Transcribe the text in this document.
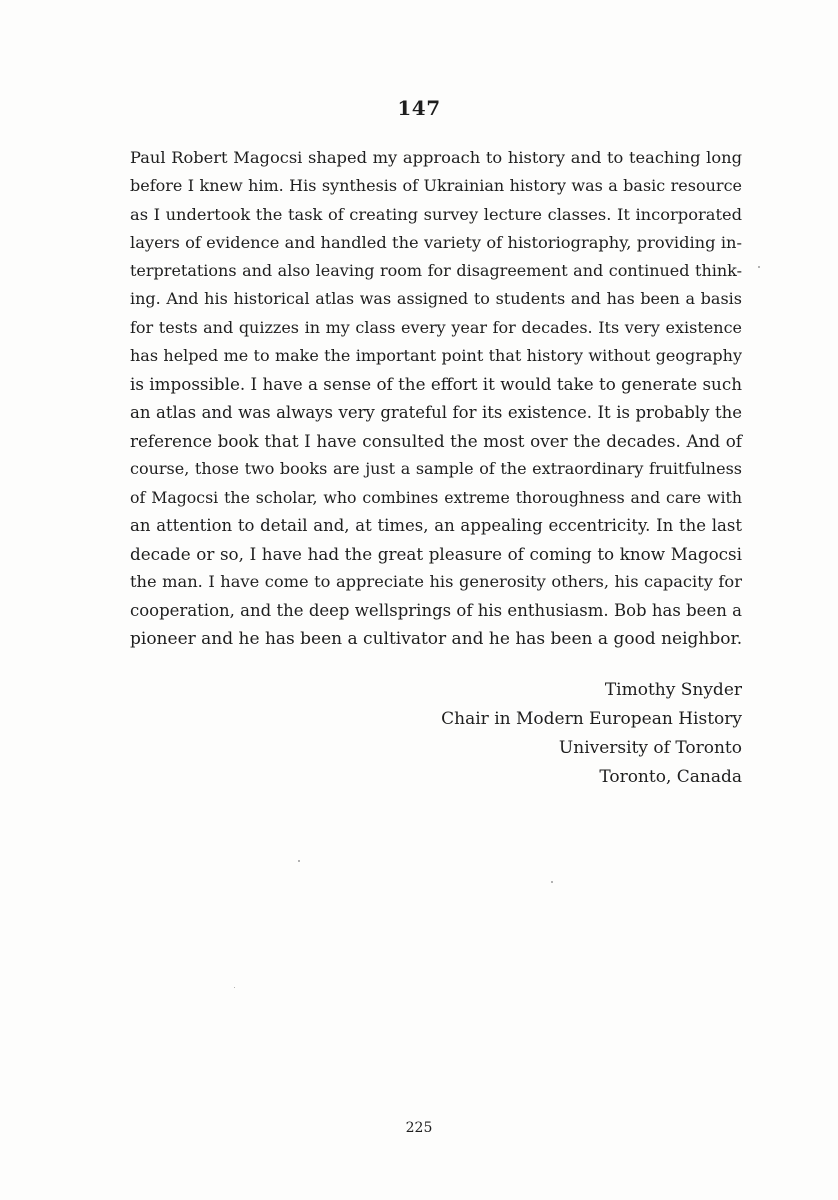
147
Paul Robert Magocsi shaped my approach to history and to teaching long
before I knew him. His synthesis of Ukrainian history was a basic resource
as I undertook the task of creating survey lecture classes. It incorporated
layers of evidence and handled the variety of historiography, providing in-
terpretations and also leaving room for disagreement and continued think-
ing. And his historical atlas was assigned to students and has been a basis
for tests and quizzes in my class every year for decades. Its very existence
has helped me to make the important point that history without geography
is impossible. I have a sense of the effort it would take to generate such
an atlas and was always very grateful for its existence. It is probably the
reference book that I have consulted the most over the decades. And of
course, those two books are just a sample of the extraordinary fruitfulness
of Magocsi the scholar, who combines extreme thoroughness and care with
an attention to detail and, at times, an appealing eccentricity. In the last
decade or so, I have had the great pleasure of coming to know Magocsi
the man. I have come to appreciate his generosity others, his capacity for
cooperation, and the deep wellsprings of his enthusiasm. Bob has been a
pioneer and he has been a cultivator and he has been a good neighbor.
Timothy Snyder
Chair in Modern European History
University of Toronto
Toronto, Canada
225
